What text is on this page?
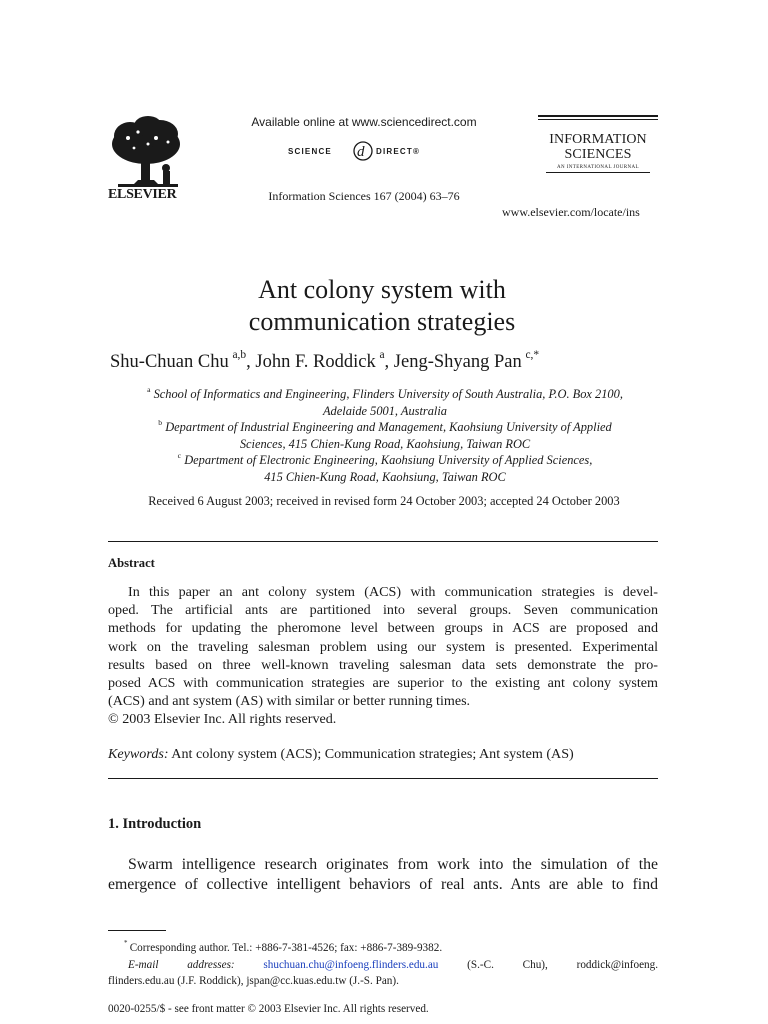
ELSEVIER
Available online at www.sciencedirect.com
SCIENCE d DIRECT®
Information Sciences 167 (2004) 63–76
INFORMATION
SCIENCES
AN INTERNATIONAL JOURNAL
www.elsevier.com/locate/ins
Ant colony system with
communication strategies
Shu-Chuan Chu  $^{a,b}$, John F. Roddick  $^a$, Jeng-Shyang Pan  $^{c,*}$
$^a$ School of Informatics and Engineering, Flinders University of South Australia, P.O. Box 2100,
Adelaide 5001, Australia
$^b$ Department of Industrial Engineering and Management, Kaohsiung University of Applied
Sciences, 415 Chien-Kung Road, Kaohsiung, Taiwan ROC
$^c$ Department of Electronic Engineering, Kaohsiung University of Applied Sciences,
415 Chien-Kung Road, Kaohsiung, Taiwan ROC
Received 6 August 2003; received in revised form 24 October 2003; accepted 24 October 2003
Abstract
In this paper an ant colony system (ACS) with communication strategies is devel-
oped. The artificial ants are partitioned into several groups. Seven communication
methods for updating the pheromone level between groups in ACS are proposed and
work on the traveling salesman problem using our system is presented. Experimental
results based on three well-known traveling salesman data sets demonstrate the pro-
posed ACS with communication strategies are superior to the existing ant colony system
(ACS) and ant system (AS) with similar or better running times.
© 2003 Elsevier Inc. All rights reserved.
Keywords: Ant colony system (ACS); Communication strategies; Ant system (AS)
1. Introduction
Swarm intelligence research originates from work into the simulation of the
emergence of collective intelligent behaviors of real ants. Ants are able to find
*  Corresponding author. Tel.: +886-7-381-4526; fax: +886-7-389-9382.
E-mail addresses:	shuchuan.chu@infoeng.flinders.edu.au	(S.-C. Chu),	roddick@infoeng.
flinders.edu.au (J.F. Roddick), jspan@cc.kuas.edu.tw (J.-S. Pan).
0020-0255/$ - see front matter © 2003 Elsevier Inc. All rights reserved.
